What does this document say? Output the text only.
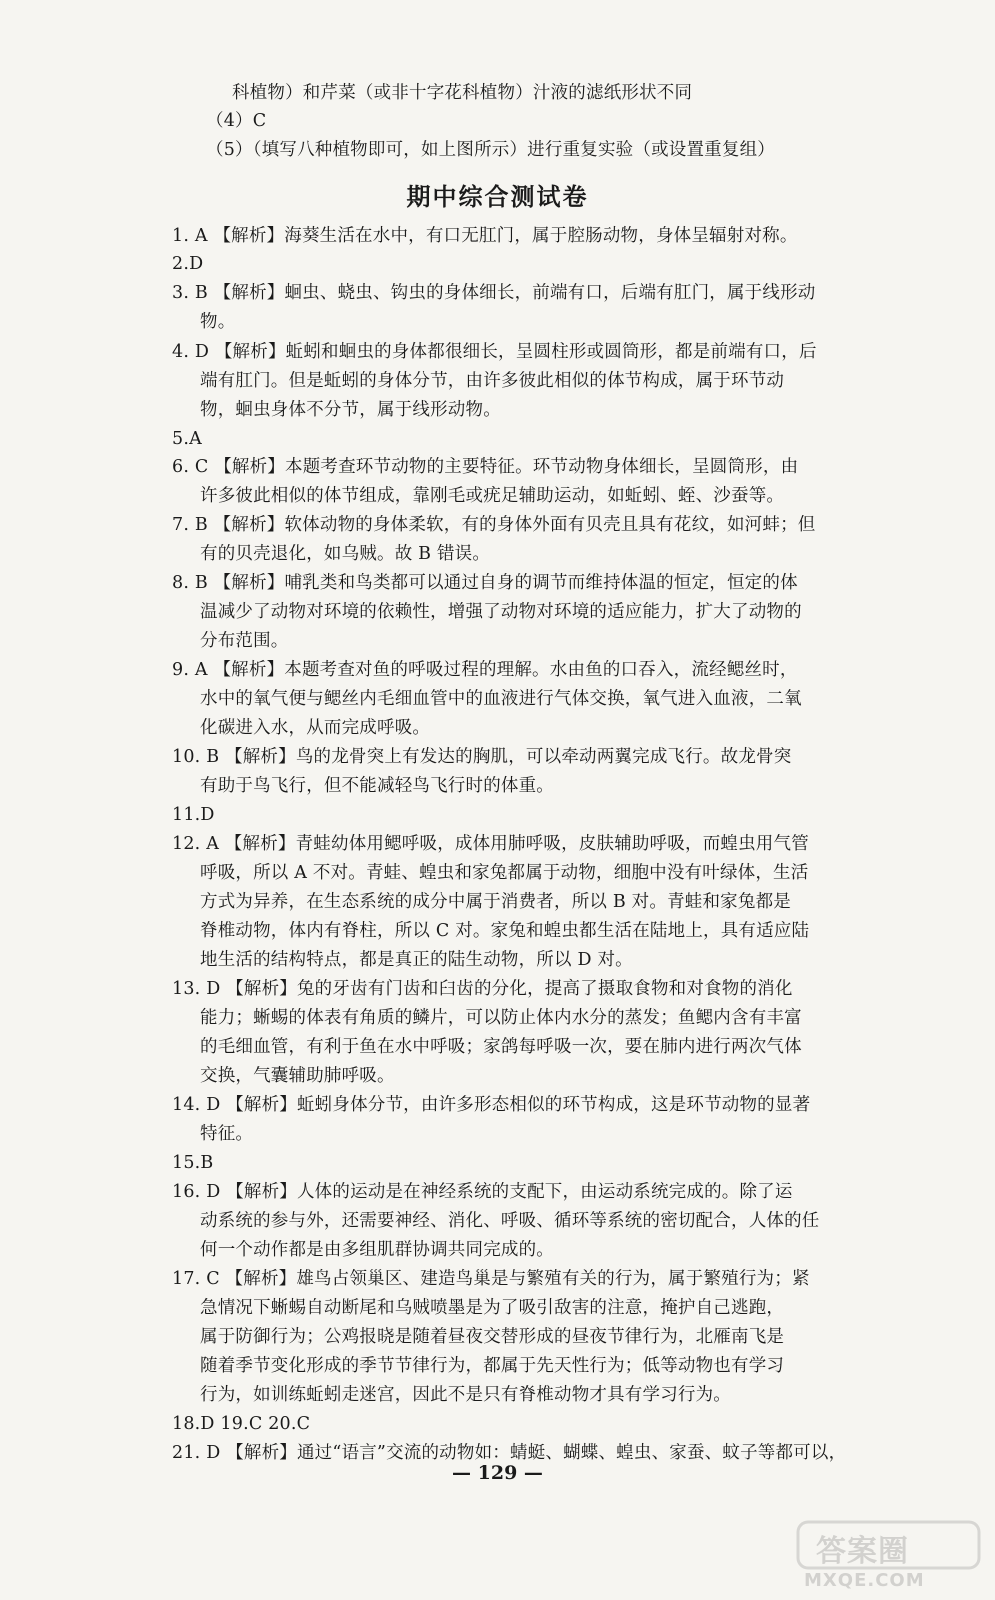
科植物）和芹菜（或非十字花科植物）汁液的滤纸形状不同
（4）C
（5）（填写八种植物即可，如上图所示）进行重复实验（或设置重复组）
期中综合测试卷
1. A 【解析】海葵生活在水中，有口无肛门，属于腔肠动物，身体呈辐射对称。
2.D
3. B 【解析】蛔虫、蛲虫、钩虫的身体细长，前端有口，后端有肛门，属于线形动
物。
4. D 【解析】蚯蚓和蛔虫的身体都很细长，呈圆柱形或圆筒形，都是前端有口，后
端有肛门。但是蚯蚓的身体分节，由许多彼此相似的体节构成，属于环节动
物，蛔虫身体不分节，属于线形动物。
5.A
6. C 【解析】本题考查环节动物的主要特征。环节动物身体细长，呈圆筒形，由
许多彼此相似的体节组成，靠刚毛或疣足辅助运动，如蚯蚓、蛭、沙蚕等。
7. B 【解析】软体动物的身体柔软，有的身体外面有贝壳且具有花纹，如河蚌；但
有的贝壳退化，如乌贼。故 B 错误。
8. B 【解析】哺乳类和鸟类都可以通过自身的调节而维持体温的恒定，恒定的体
温减少了动物对环境的依赖性，增强了动物对环境的适应能力，扩大了动物的
分布范围。
9. A 【解析】本题考查对鱼的呼吸过程的理解。水由鱼的口吞入，流经鳃丝时，
水中的氧气便与鳃丝内毛细血管中的血液进行气体交换，氧气进入血液，二氧
化碳进入水，从而完成呼吸。
10. B 【解析】鸟的龙骨突上有发达的胸肌，可以牵动两翼完成飞行。故龙骨突
有助于鸟飞行，但不能减轻鸟飞行时的体重。
11.D
12. A 【解析】青蛙幼体用鳃呼吸，成体用肺呼吸，皮肤辅助呼吸，而蝗虫用气管
呼吸，所以 A 不对。青蛙、蝗虫和家兔都属于动物，细胞中没有叶绿体，生活
方式为异养，在生态系统的成分中属于消费者，所以 B 对。青蛙和家兔都是
脊椎动物，体内有脊柱，所以 C 对。家兔和蝗虫都生活在陆地上，具有适应陆
地生活的结构特点，都是真正的陆生动物，所以 D 对。
13. D 【解析】兔的牙齿有门齿和臼齿的分化，提高了摄取食物和对食物的消化
能力；蜥蜴的体表有角质的鳞片，可以防止体内水分的蒸发；鱼鳃内含有丰富
的毛细血管，有利于鱼在水中呼吸；家鸽每呼吸一次，要在肺内进行两次气体
交换，气囊辅助肺呼吸。
14. D 【解析】蚯蚓身体分节，由许多形态相似的环节构成，这是环节动物的显著
特征。
15.B
16. D 【解析】人体的运动是在神经系统的支配下，由运动系统完成的。除了运
动系统的参与外，还需要神经、消化、呼吸、循环等系统的密切配合，人体的任
何一个动作都是由多组肌群协调共同完成的。
17. C 【解析】雄鸟占领巢区、建造鸟巢是与繁殖有关的行为，属于繁殖行为；紧
急情况下蜥蜴自动断尾和乌贼喷墨是为了吸引敌害的注意，掩护自己逃跑，
属于防御行为；公鸡报晓是随着昼夜交替形成的昼夜节律行为，北雁南飞是
随着季节变化形成的季节节律行为，都属于先天性行为；低等动物也有学习
行为，如训练蚯蚓走迷宫，因此不是只有脊椎动物才具有学习行为。
18.D 19.C 20.C
21. D 【解析】通过“语言”交流的动物如：蜻蜓、蝴蝶、蝗虫、家蚕、蚊子等都可以，
— 129 —
答案圈
MXQE.COM
